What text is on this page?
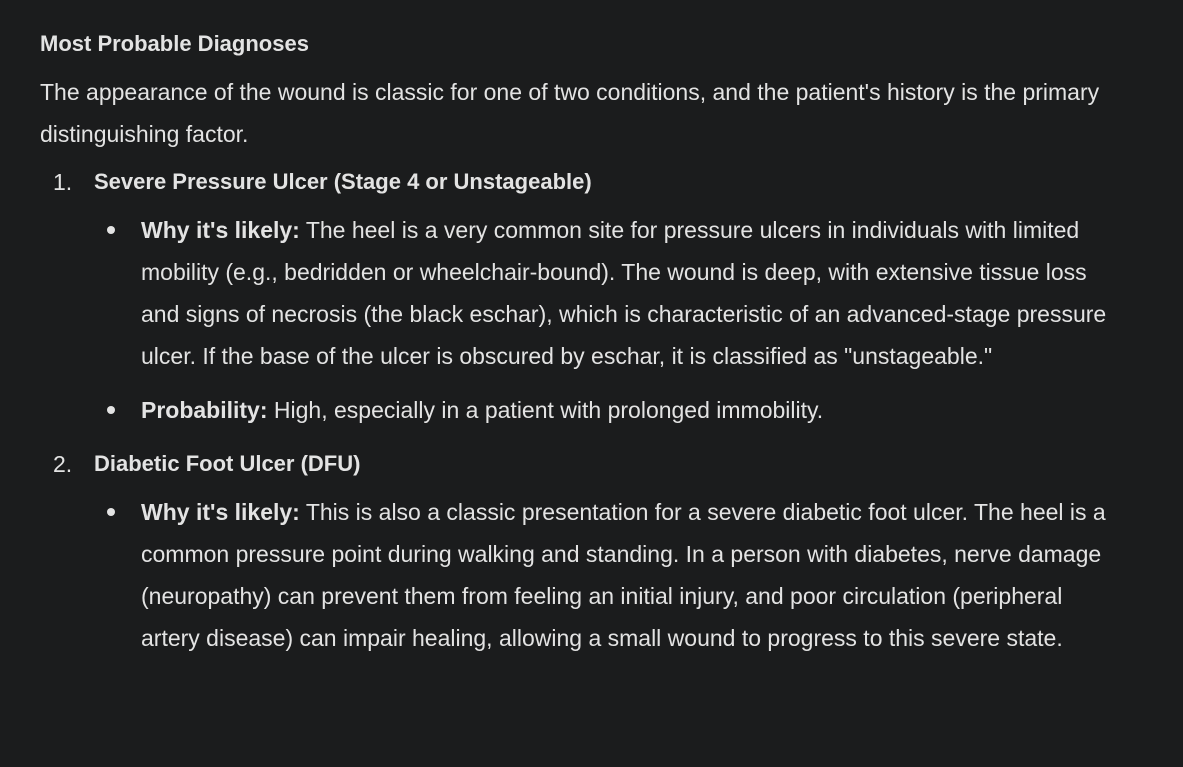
Most Probable Diagnoses

The appearance of the wound is classic for one of two conditions, and the patient's history is the primary distinguishing factor.

1. Severe Pressure Ulcer (Stage 4 or Unstageable)
Why it's likely: The heel is a very common site for pressure ulcers in individuals with limited mobility (e.g., bedridden or wheelchair-bound). The wound is deep, with extensive tissue loss and signs of necrosis (the black eschar), which is characteristic of an advanced-stage pressure ulcer. If the base of the ulcer is obscured by eschar, it is classified as "unstageable."
Probability: High, especially in a patient with prolonged immobility.
2. Diabetic Foot Ulcer (DFU)
Why it's likely: This is also a classic presentation for a severe diabetic foot ulcer. The heel is a common pressure point during walking and standing. In a person with diabetes, nerve damage (neuropathy) can prevent them from feeling an initial injury, and poor circulation (peripheral artery disease) can impair healing, allowing a small wound to progress to this severe state.
